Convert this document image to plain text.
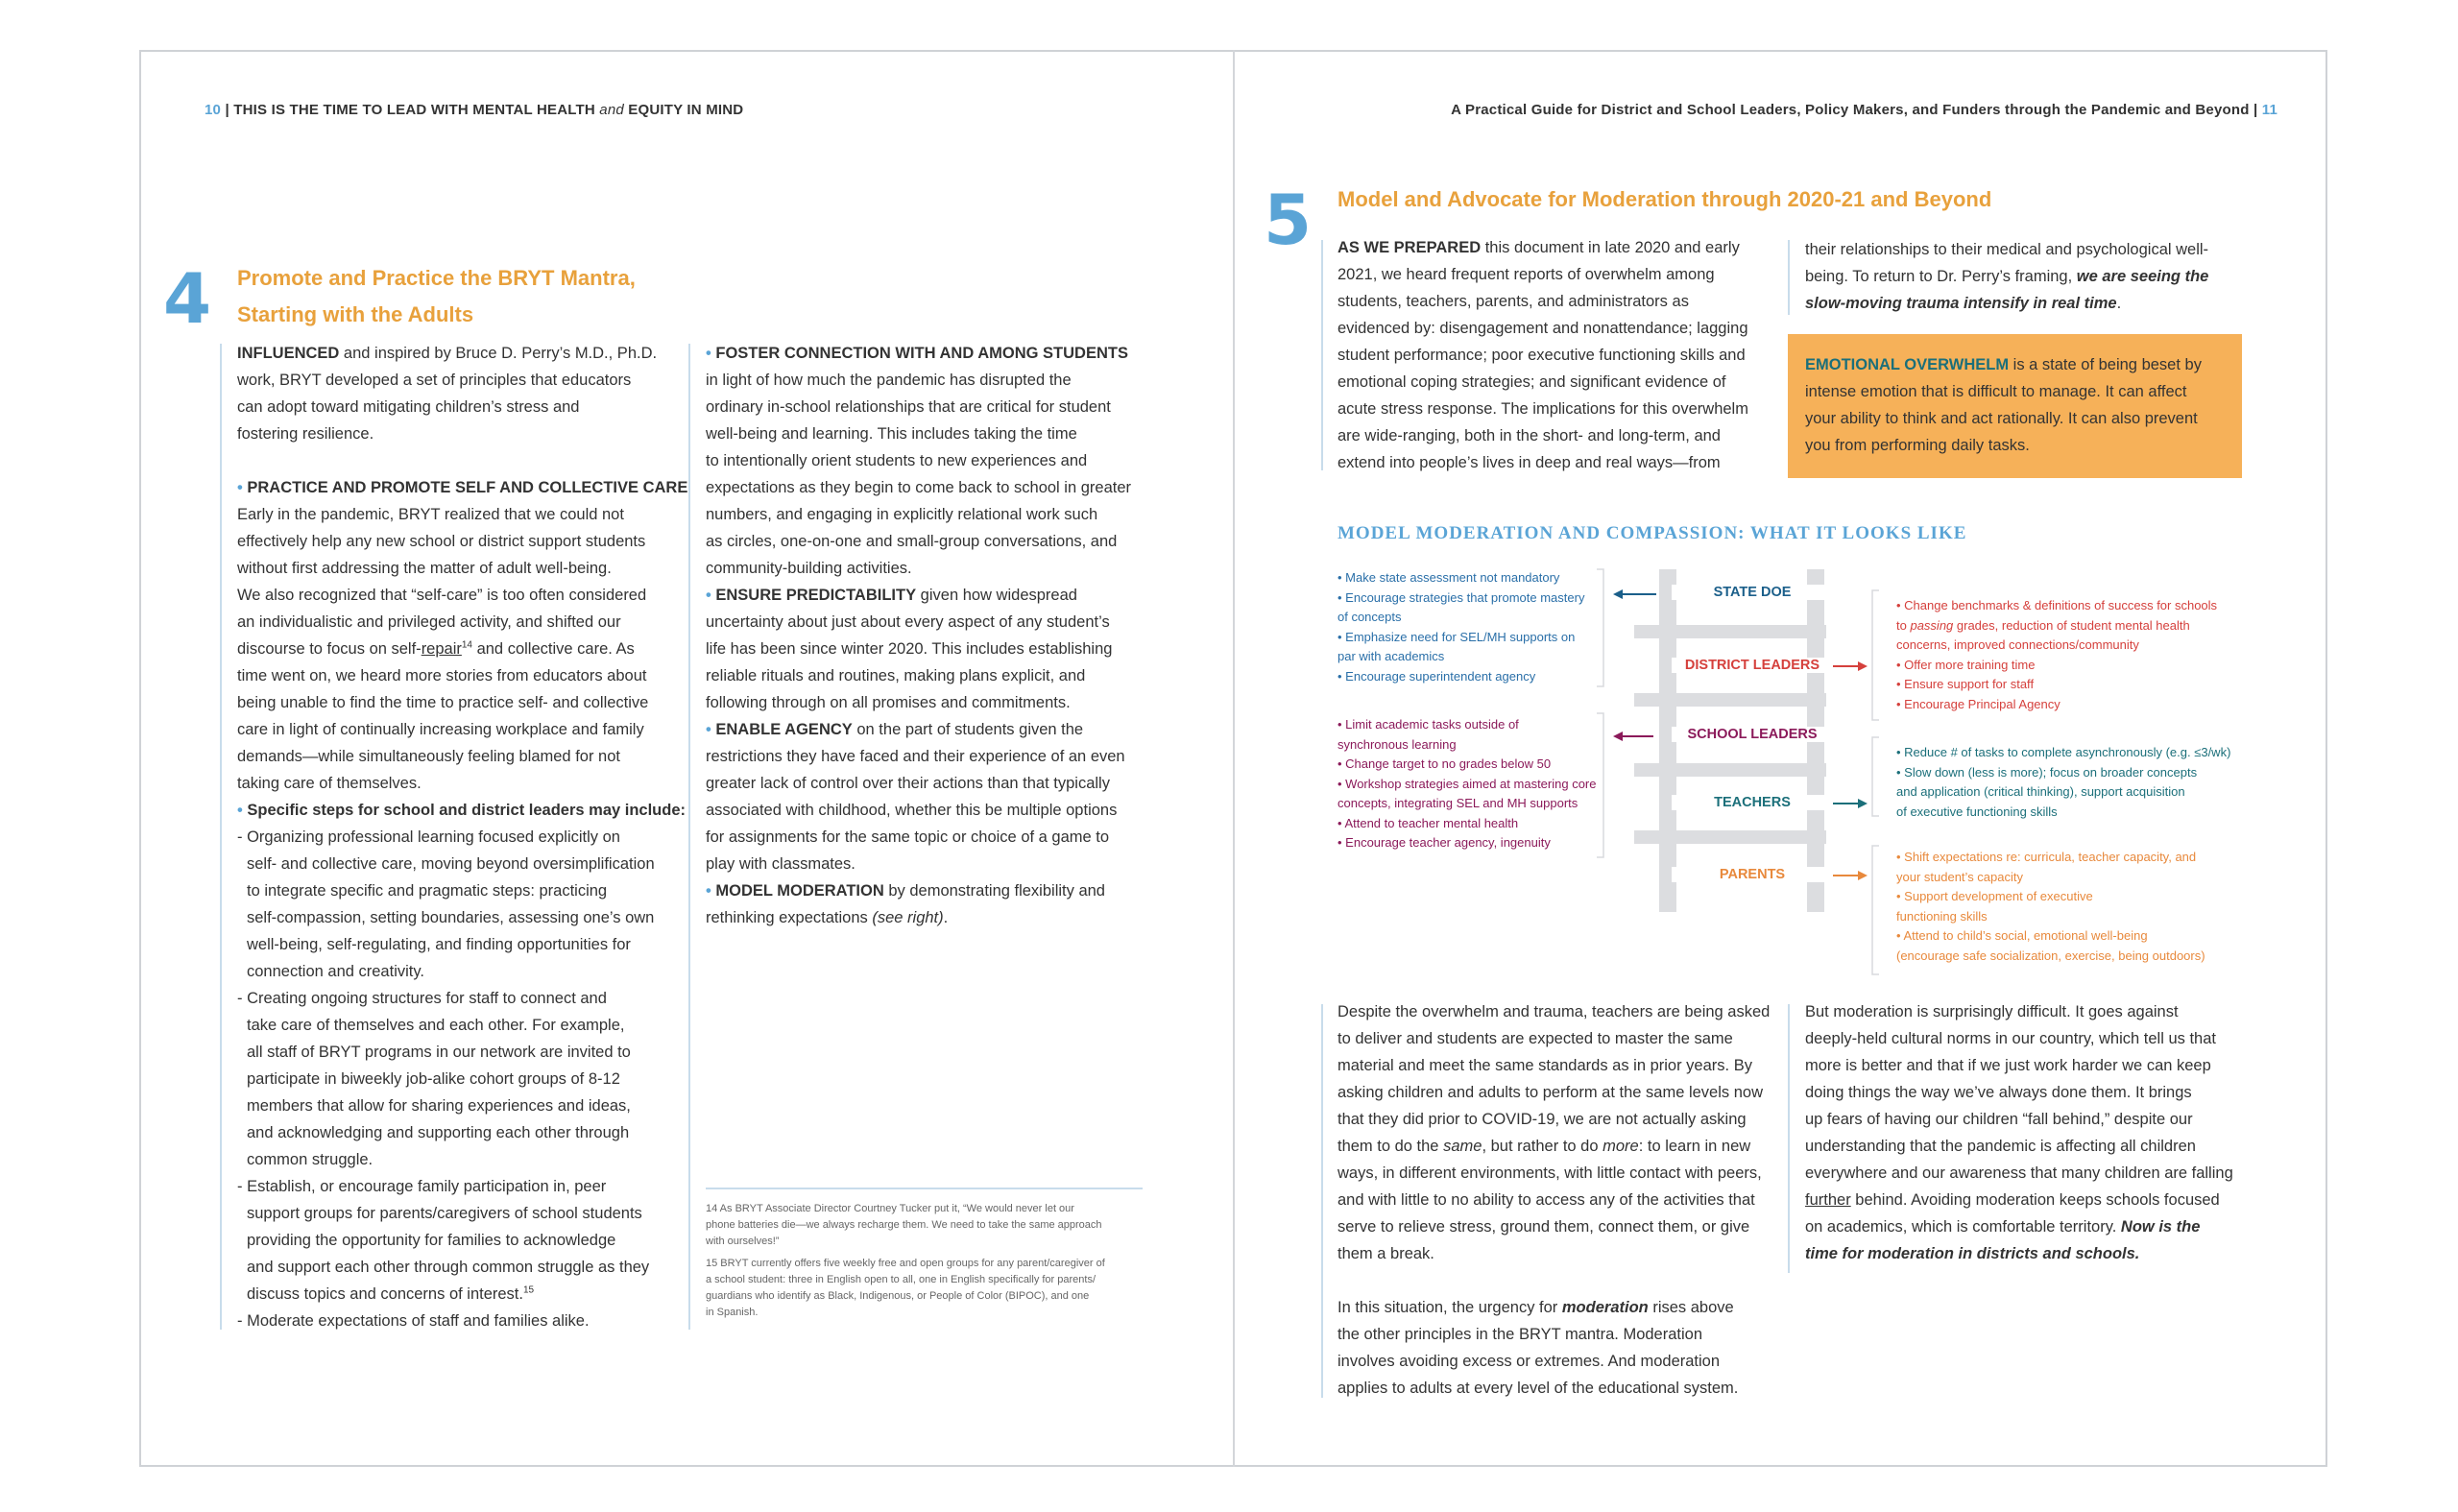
10 | THIS IS THE TIME TO LEAD WITH MENTAL HEALTH and EQUITY IN MIND
4 Promote and Practice the BRYT Mantra,
Starting with the Adults

INFLUENCED and inspired by Bruce D. Perry’s M.D., Ph.D.

work, BRYT developed a set of principles that educators

can adopt toward mitigating children’s stress and

fostering resilience.

• PRACTICE AND PROMOTE SELF AND COLLECTIVE CARE

Early in the pandemic, BRYT realized that we could not

effectively help any new school or district support students

without first addressing the matter of adult well-being.

We also recognized that “self-care” is too often considered

an individualistic and privileged activity, and shifted our

discourse to focus on self-repair$^{14}$ and collective care. As

time went on, we heard more stories from educators about

being unable to find the time to practice self- and collective

care in light of continually increasing workplace and family

demands—while simultaneously feeling blamed for not

taking care of themselves.

• Specific steps for school and district leaders may include:

- Organizing professional learning focused explicitly on

self- and collective care, moving beyond oversimplification

to integrate specific and pragmatic steps: practicing

self-compassion, setting boundaries, assessing one’s own

well-being, self-regulating, and finding opportunities for

connection and creativity.

- Creating ongoing structures for staff to connect and

take care of themselves and each other. For example,

all staff of BRYT programs in our network are invited to

participate in biweekly job-alike cohort groups of 8-12

members that allow for sharing experiences and ideas,

and acknowledging and supporting each other through

common struggle.

- Establish, or encourage family participation in, peer

support groups for parents/caregivers of school students

providing the opportunity for families to acknowledge

and support each other through common struggle as they

discuss topics and concerns of interest.$^{15}$

- Moderate expectations of staff and families alike.

• FOSTER CONNECTION WITH AND AMONG STUDENTS

in light of how much the pandemic has disrupted the

ordinary in-school relationships that are critical for student

well-being and learning. This includes taking the time

to intentionally orient students to new experiences and

expectations as they begin to come back to school in greater

numbers, and engaging in explicitly relational work such

as circles, one-on-one and small-group conversations, and

community-building activities.

• ENSURE PREDICTABILITY given how widespread

uncertainty about just about every aspect of any student’s

life has been since winter 2020. This includes establishing

reliable rituals and routines, making plans explicit, and

following through on all promises and commitments.

• ENABLE AGENCY on the part of students given the

restrictions they have faced and their experience of an even

greater lack of control over their actions than that typically

associated with childhood, whether this be multiple options

for assignments for the same topic or choice of a game to

play with classmates.

• MODEL MODERATION by demonstrating flexibility and

rethinking expectations (see right).

14 As BRYT Associate Director Courtney Tucker put it, “We would never let our
phone batteries die—we always recharge them. We need to take the same approach
with ourselves!”

15 BRYT currently offers five weekly free and open groups for any parent/caregiver of
a school student: three in English open to all, one in English specifically for parents/
guardians who identify as Black, Indigenous, or People of Color (BIPOC), and one
in Spanish.

A Practical Guide for District and School Leaders, Policy Makers, and Funders through the Pandemic and Beyond | 11
5 Model and Advocate for Moderation through 2020-21 and Beyond

AS WE PREPARED this document in late 2020 and early

2021, we heard frequent reports of overwhelm among

students, teachers, parents, and administrators as

evidenced by: disengagement and nonattendance; lagging

student performance; poor executive functioning skills and

emotional coping strategies; and significant evidence of

acute stress response. The implications for this overwhelm

are wide-ranging, both in the short- and long-term, and

extend into people’s lives in deep and real ways—from

their relationships to their medical and psychological well-

being. To return to Dr. Perry’s framing, we are seeing the

slow-moving trauma intensify in real time.

EMOTIONAL OVERWHELM is a state of being beset by

intense emotion that is difficult to manage. It can affect

your ability to think and act rationally. It can also prevent

you from performing daily tasks.

MODEL MODERATION AND COMPASSION: WHAT IT LOOKS LIKE
STATE DOE
DISTRICT LEADERS
SCHOOL LEADERS
TEACHERS
PARENTS
• Make state assessment not mandatory
• Encourage strategies that promote mastery
of concepts
• Emphasize need for SEL/MH supports on
par with academics
• Encourage superintendent agency
• Limit academic tasks outside of
synchronous learning
• Change target to no grades below 50
• Workshop strategies aimed at mastering core
concepts, integrating SEL and MH supports
• Attend to teacher mental health
• Encourage teacher agency, ingenuity
• Change benchmarks & definitions of success for schools
to passing grades, reduction of student mental health
concerns, improved connections/community
• Offer more training time
• Ensure support for staff
• Encourage Principal Agency
• Reduce # of tasks to complete asynchronously (e.g. ≤3/wk)
• Slow down (less is more); focus on broader concepts
and application (critical thinking), support acquisition
of executive functioning skills
• Shift expectations re: curricula, teacher capacity, and
your student’s capacity
• Support development of executive
functioning skills
• Attend to child’s social, emotional well-being
(encourage safe socialization, exercise, being outdoors)

Despite the overwhelm and trauma, teachers are being asked

to deliver and students are expected to master the same

material and meet the same standards as in prior years. By

asking children and adults to perform at the same levels now

that they did prior to COVID-19, we are not actually asking

them to do the same, but rather to do more: to learn in new

ways, in different environments, with little contact with peers,

and with little to no ability to access any of the activities that

serve to relieve stress, ground them, connect them, or give

them a break.

In this situation, the urgency for moderation rises above

the other principles in the BRYT mantra. Moderation

involves avoiding excess or extremes. And moderation

applies to adults at every level of the educational system.

But moderation is surprisingly difficult. It goes against

deeply-held cultural norms in our country, which tell us that

more is better and that if we just work harder we can keep

doing things the way we’ve always done them. It brings

up fears of having our children “fall behind,” despite our

understanding that the pandemic is affecting all children

everywhere and our awareness that many children are falling

further behind. Avoiding moderation keeps schools focused

on academics, which is comfortable territory. Now is the

time for moderation in districts and schools.
